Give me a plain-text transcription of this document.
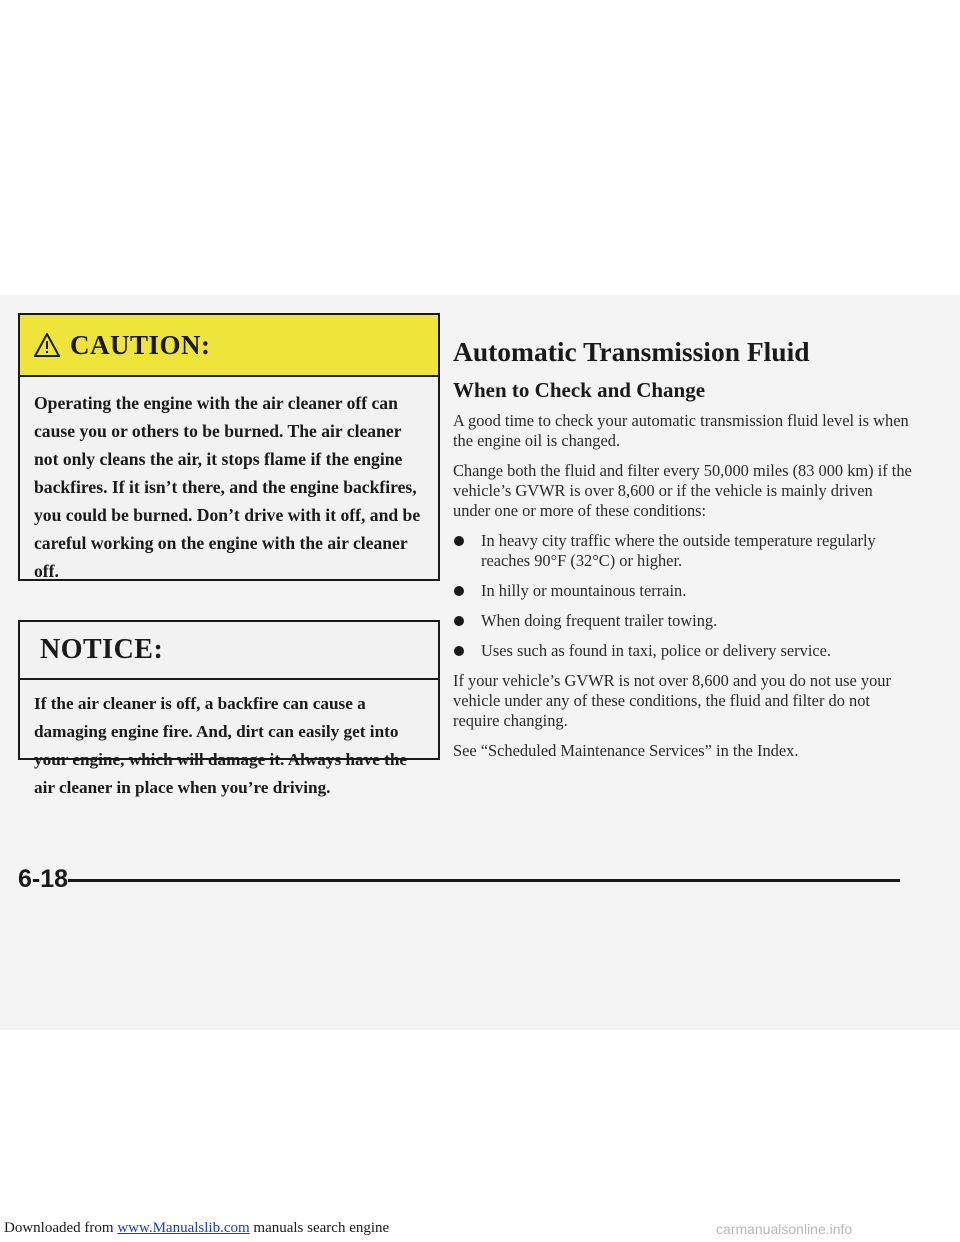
CAUTION:
Operating the engine with the air cleaner off can cause you or others to be burned. The air cleaner not only cleans the air, it stops flame if the engine backfires. If it isn’t there, and the engine backfires, you could be burned. Don’t drive with it off, and be careful working on the engine with the air cleaner off.
NOTICE:
If the air cleaner is off, a backfire can cause a damaging engine fire. And, dirt can easily get into your engine, which will damage it. Always have the air cleaner in place when you’re driving.
Automatic Transmission Fluid
When to Check and Change

A good time to check your automatic transmission fluid level is when the engine oil is changed.

Change both the fluid and filter every 50,000 miles (83 000 km) if the vehicle’s GVWR is over 8,600 or if the vehicle is mainly driven under one or more of these conditions:

In heavy city traffic where the outside temperature regularly reaches 90°F (32°C) or higher.
In hilly or mountainous terrain.
When doing frequent trailer towing.
Uses such as found in taxi, police or delivery service.

If your vehicle’s GVWR is not over 8,600 and you do not use your vehicle under any of these conditions, the fluid and filter do not require changing.

See “Scheduled Maintenance Services” in the Index.

6-18
Downloaded from www.Manualslib.com manuals search engine	carmanualsonline.info
